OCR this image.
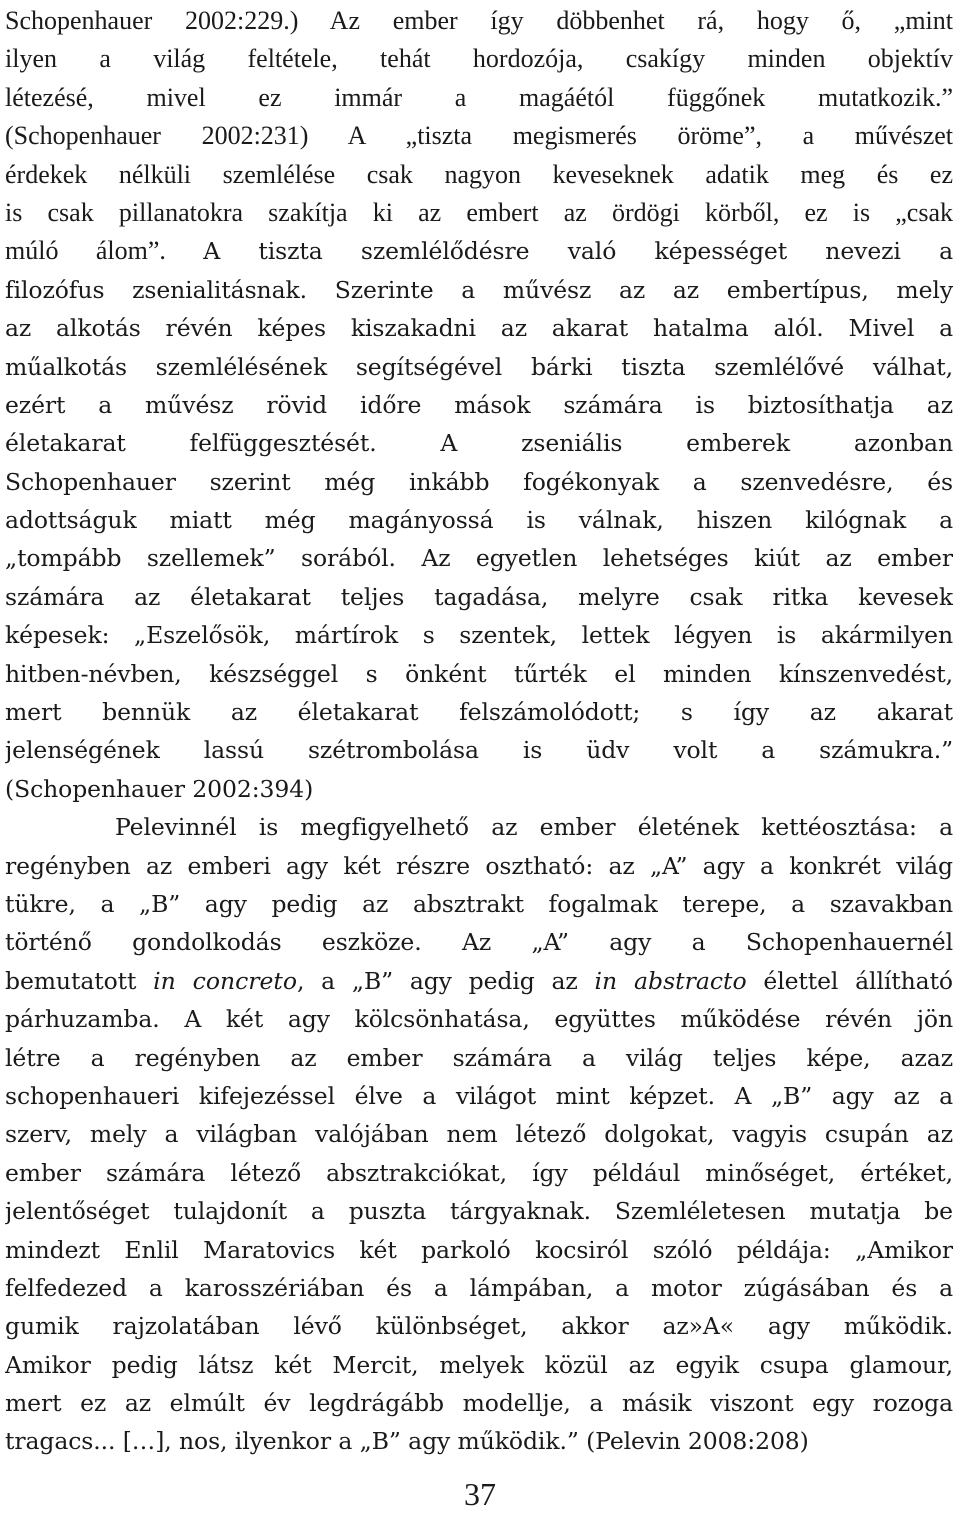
Schopenhauer 2002:229.) Az ember így döbbenhet rá, hogy ő, „mint
ilyen a világ feltétele, tehát hordozója, csakígy minden objektív
létezésé, mivel ez immár a magáétól függőnek mutatkozik.”
(Schopenhauer 2002:231) A „tiszta megismerés öröme”, a művészet
érdekek nélküli szemlélése csak nagyon keveseknek adatik meg és ez
is csak pillanatokra szakítja ki az embert az ördögi körből, ez is „csak
múló álom”. A tiszta szemlélődésre való képességet nevezi a
filozófus zsenialitásnak. Szerinte a művész az az embertípus, mely
az alkotás révén képes kiszakadni az akarat hatalma alól. Mivel a
műalkotás szemlélésének segítségével bárki tiszta szemlélővé válhat,
ezért a művész rövid időre mások számára is biztosíthatja az
életakarat felfüggesztését. A zseniális emberek azonban
Schopenhauer szerint még inkább fogékonyak a szenvedésre, és
adottságuk miatt még magányossá is válnak, hiszen kilógnak a
„tompább szellemek” sorából. Az egyetlen lehetséges kiút az ember
számára az életakarat teljes tagadása, melyre csak ritka kevesek
képesek: „Eszelősök, mártírok s szentek, lettek légyen is akármilyen
hitben-névben, készséggel s önként tűrték el minden kínszenvedést,
mert bennük az életakarat felszámolódott; s így az akarat
jelenségének lassú szétrombolása is üdv volt a számukra.”
(Schopenhauer 2002:394)
Pelevinnél is megfigyelhető az ember életének kettéosztása: a
regényben az emberi agy két részre osztható: az „A” agy a konkrét világ
tükre, a „B” agy pedig az absztrakt fogalmak terepe, a szavakban
történő gondolkodás eszköze. Az „A” agy a Schopenhauernél
bemutatott in concreto, a „B” agy pedig az in abstracto élettel állítható
párhuzamba. A két agy kölcsönhatása, együttes működése révén jön
létre a regényben az ember számára a világ teljes képe, azaz
schopenhaueri kifejezéssel élve a világot mint képzet. A „B” agy az a
szerv, mely a világban valójában nem létező dolgokat, vagyis csupán az
ember számára létező absztrakciókat, így például minőséget, értéket,
jelentőséget tulajdonít a puszta tárgyaknak. Szemléletesen mutatja be
mindezt Enlil Maratovics két parkoló kocsiról szóló példája: „Amikor
felfedezed a karosszériában és a lámpában, a motor zúgásában és a
gumik rajzolatában lévő különbséget, akkor az»A« agy működik.
Amikor pedig látsz két Mercit, melyek közül az egyik csupa glamour,
mert ez az elmúlt év legdrágább modellje, a másik viszont egy rozoga
tragacs... […], nos, ilyenkor a „B” agy működik.” (Pelevin 2008:208)
37
